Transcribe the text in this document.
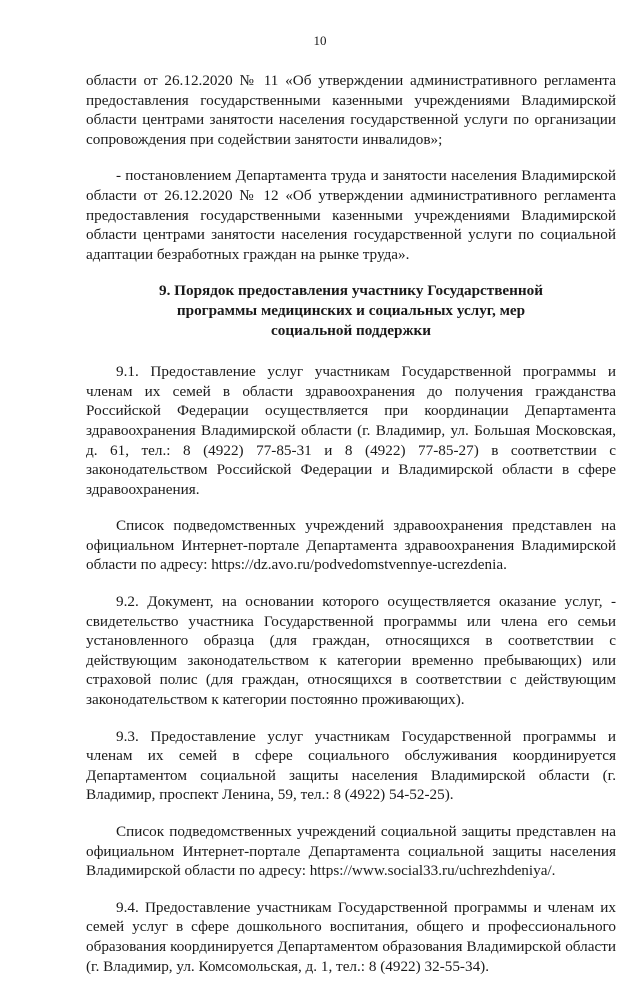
10

области от 26.12.2020 № 11 «Об утверждении административного регламента предоставления государственными казенными учреждениями Владимирской области центрами занятости населения государственной услуги по организации сопровождения при содействии занятости инвалидов»;

- постановлением Департамента труда и занятости населения Владимирской области от 26.12.2020 № 12 «Об утверждении административного регламента предоставления государственными казенными учреждениями Владимирской области центрами занятости населения государственной услуги по социальной адаптации безработных граждан на рынке труда».

9. Порядок предоставления участнику Государственной программы медицинских и социальных услуг, мер социальной поддержки

9.1. Предоставление услуг участникам Государственной программы и членам их семей в области здравоохранения до получения гражданства Российской Федерации осуществляется при координации Департамента здравоохранения Владимирской области (г. Владимир, ул. Большая Московская, д. 61, тел.: 8 (4922) 77-85-31 и 8 (4922) 77-85-27) в соответствии с законодательством Российской Федерации и Владимирской области в сфере здравоохранения.

Список подведомственных учреждений здравоохранения представлен на официальном Интернет-портале Департамента здравоохранения Владимирской области по адресу: https://dz.avo.ru/podvedomstvennye-ucrezdenia.

9.2. Документ, на основании которого осуществляется оказание услуг, - свидетельство участника Государственной программы или члена его семьи установленного образца (для граждан, относящихся в соответствии с действующим законодательством к категории временно пребывающих) или страховой полис (для граждан, относящихся в соответствии с действующим законодательством к категории постоянно проживающих).

9.3. Предоставление услуг участникам Государственной программы и членам их семей в сфере социального обслуживания координируется Департаментом социальной защиты населения Владимирской области (г. Владимир, проспект Ленина, 59, тел.: 8 (4922) 54-52-25).

Список подведомственных учреждений социальной защиты представлен на официальном Интернет-портале Департамента социальной защиты населения Владимирской области по адресу: https://www.social33.ru/uchrezhdeniya/.

9.4. Предоставление участникам Государственной программы и членам их семей услуг в сфере дошкольного воспитания, общего и профессионального образования координируется Департаментом образования Владимирской области (г. Владимир, ул. Комсомольская, д. 1, тел.: 8 (4922) 32-55-34).
